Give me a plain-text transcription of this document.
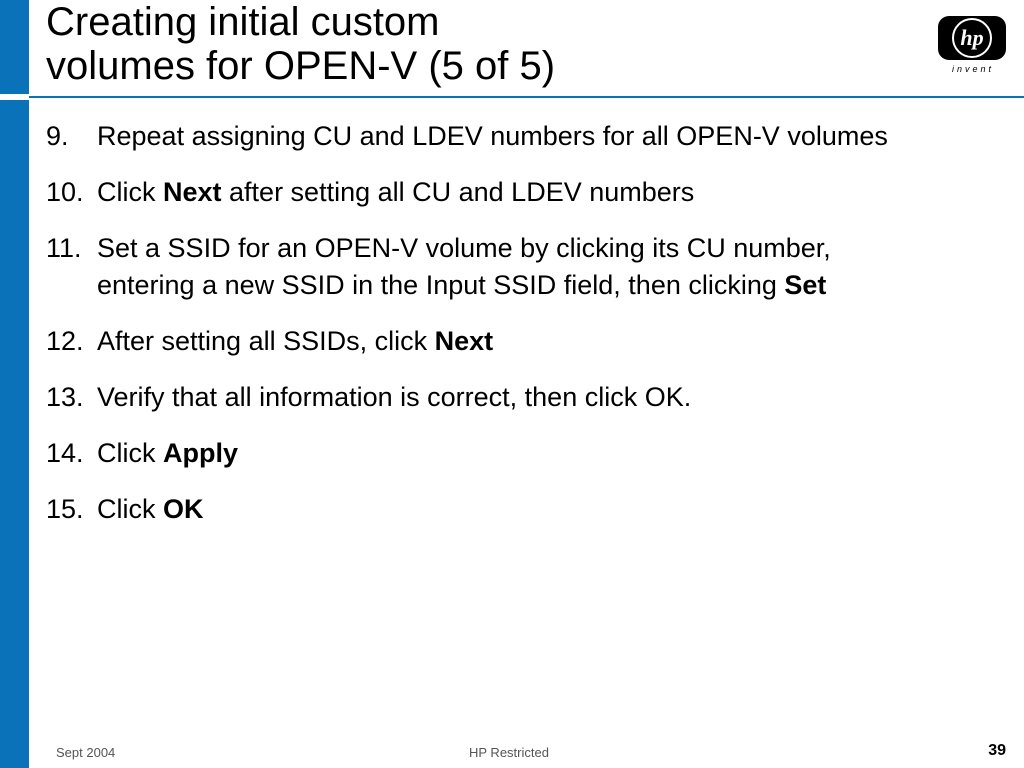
Creating initial custom
volumes for OPEN-V (5 of 5)
hp
invent
9.	Repeat assigning CU and LDEV numbers for all OPEN-V volumes
10. Click Next after setting all CU and LDEV numbers
11. Set a SSID for an OPEN-V volume by clicking its CU number, entering a new SSID in the Input SSID field, then clicking Set
12. After setting all SSIDs, click Next
13. Verify that all information is correct, then click OK.
14. Click Apply
15. Click OK

Sept 2004	HP Restricted	39
